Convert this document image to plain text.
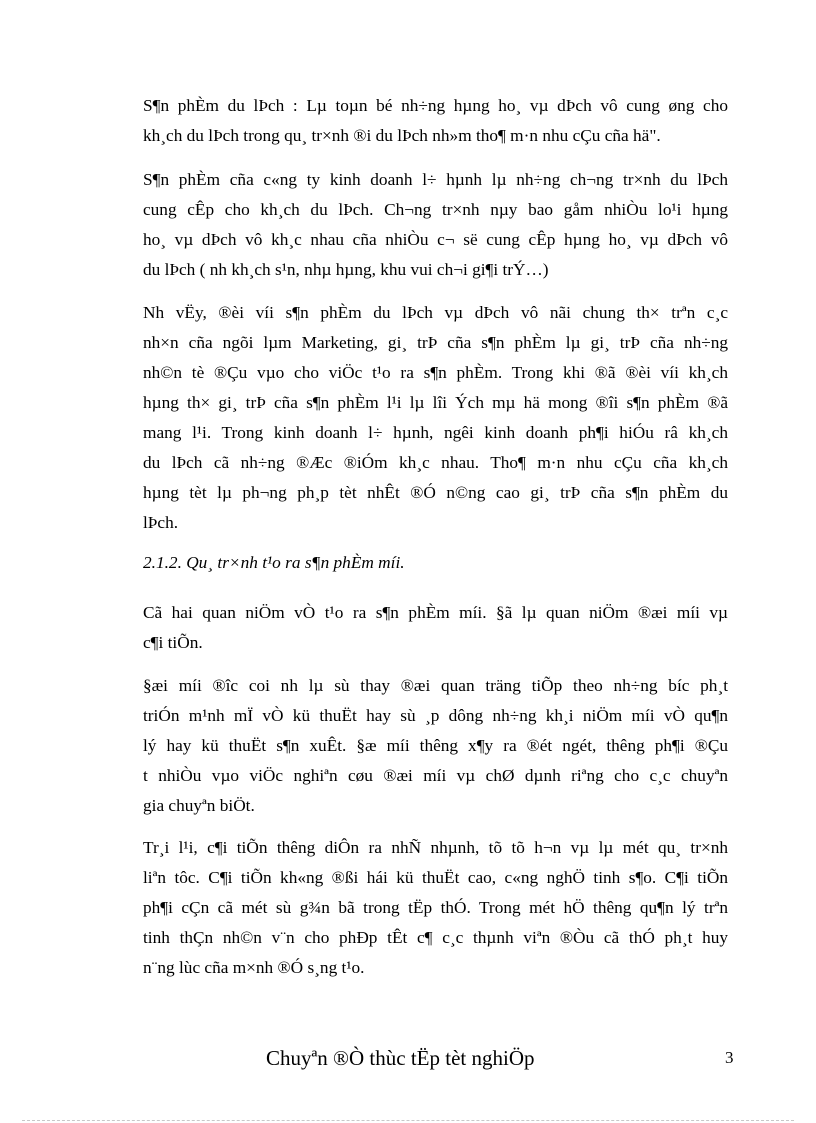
S¶n phÈm du lÞch : Lµ toµn bé nh÷ng hµng ho¸ vµ dÞch vô cung øng cho
kh¸ch du lÞch trong qu¸ tr×nh ®i du lÞch nh»m tho¶ m·n nhu cÇu cña hä".
S¶n phÈm cña c«ng ty kinh doanh l÷ hµnh lµ nh÷ng ch¬ng tr×nh du lÞch
cung cÊp cho kh¸ch du lÞch. Ch¬ng tr×nh nµy bao gåm nhiÒu lo¹i hµng
ho¸ vµ dÞch vô kh¸c nhau cña nhiÒu c¬ së cung cÊp hµng ho¸ vµ dÞch vô
du lÞch ( nh kh¸ch s¹n, nhµ hµng, khu vui ch¬i gi¶i trÝ…)
Nh vËy, ®èi víi s¶n phÈm du lÞch vµ dÞch vô nãi chung th× trªn c¸c
nh×n cña ngõi lµm Marketing, gi¸ trÞ cña s¶n phÈm lµ gi¸ trÞ cña nh÷ng
nh©n tè ®Çu vµo cho viÖc t¹o ra s¶n phÈm. Trong khi ®ã ®èi víi kh¸ch
hµng th× gi¸ trÞ cña s¶n phÈm l¹i lµ lîi Ých mµ hä mong ®îi s¶n phÈm ®ã
mang l¹i. Trong kinh doanh l÷ hµnh, ngêi kinh doanh ph¶i hiÓu râ kh¸ch
du lÞch cã nh÷ng ®Æc ®iÓm kh¸c nhau. Tho¶ m·n nhu cÇu cña kh¸ch
hµng tèt lµ ph¬ng ph¸p tèt nhÊt ®Ó n©ng cao gi¸ trÞ cña s¶n phÈm du
lÞch.

2.1.2. Qu¸ tr×nh t¹o ra s¶n phÈm míi.

Cã hai quan niÖm vÒ t¹o ra s¶n phÈm míi. §ã lµ quan niÖm ®æi míi vµ
c¶i tiÕn.
§æi míi ®îc coi nh lµ sù thay ®æi quan träng tiÕp theo nh÷ng bíc ph¸t
triÓn m¹nh mÏ vÒ kü thuËt hay sù ¸p dông nh÷ng kh¸i niÖm míi vÒ qu¶n
lý hay kü thuËt s¶n xuÊt. §æ míi thêng x¶y ra ®ét ngét, thêng ph¶i ®Çu
t nhiÒu vµo viÖc nghiªn cøu ®æi míi vµ chØ dµnh riªng cho c¸c chuyªn
gia chuyªn biÖt.
Tr¸i l¹i, c¶i tiÕn thêng diÔn ra nhÑ nhµnh, tõ tõ h¬n vµ lµ mét qu¸ tr×nh
liªn tôc. C¶i tiÕn kh«ng ®ßi hái kü thuËt cao, c«ng nghÖ tinh s¶o. C¶i tiÕn
ph¶i cÇn cã mét sù g¾n bã trong tËp thÓ. Trong mét hÖ thêng qu¶n lý trªn
tinh thÇn nh©n v¨n cho phÐp tÊt c¶ c¸c thµnh viªn ®Òu cã thÓ ph¸t huy
n¨ng lùc cña m×nh ®Ó s¸ng t¹o.

Chuyªn ®Ò thùc tËp tèt nghiÖp	3
